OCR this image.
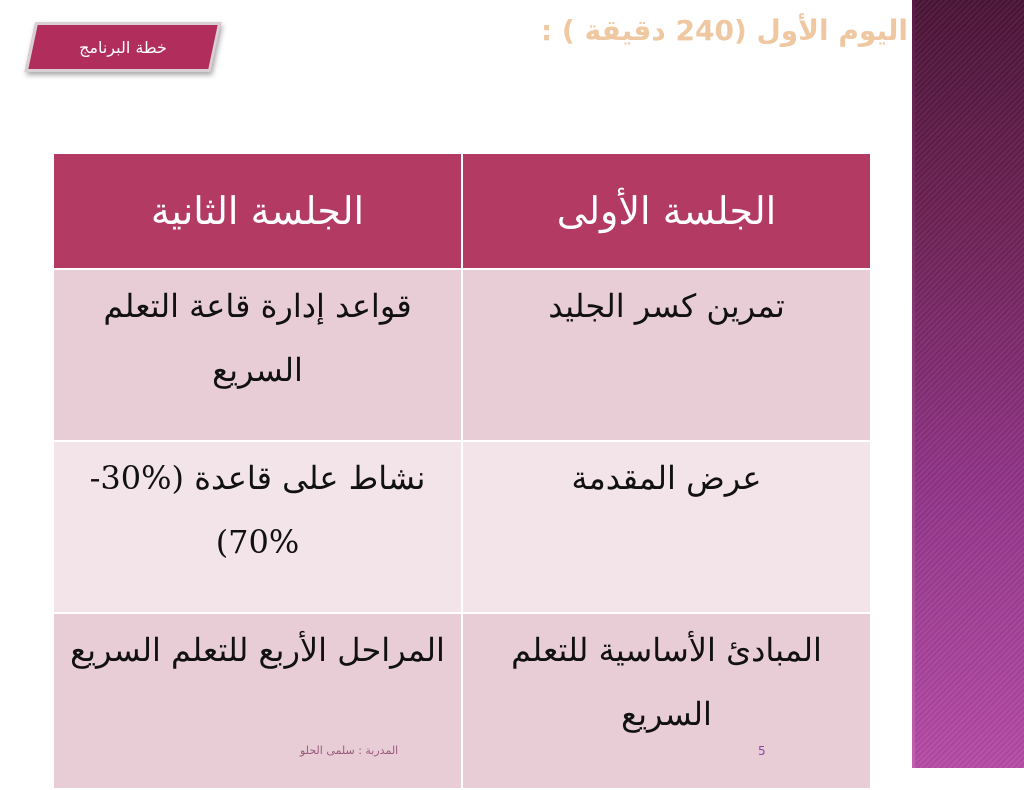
اليوم الأول (240 دقيقة ) :
خطة البرنامج
الجلسة الأولى	الجلسة الثانية
تمرين كسر الجليد	قواعد إدارة قاعة التعلم السريع
عرض المقدمة	نشاط على قاعدة (%30-%70)
المبادئ الأساسية للتعلم السريع	المراحل الأربع للتعلم السريع
المدربة : سلمى الحلو	5
